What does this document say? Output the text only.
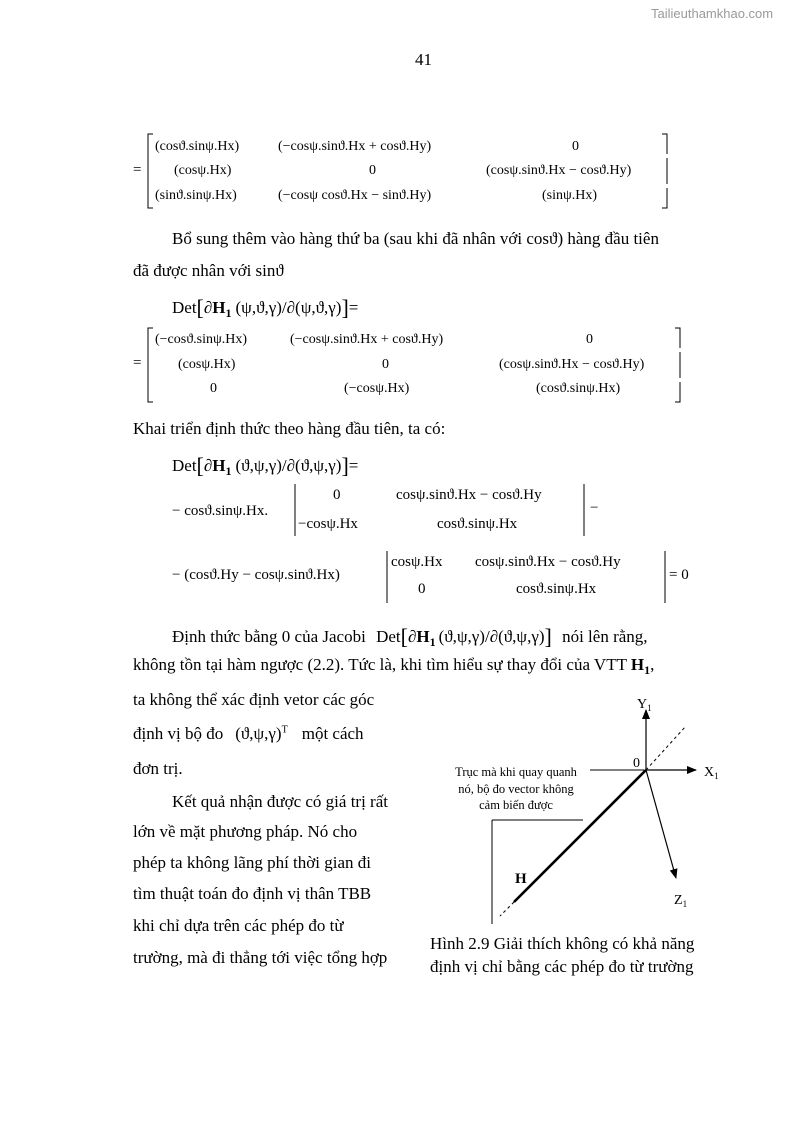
Tailieuthamkhao.com
41
=
(cosϑ.sinψ.Hx)	(−cosψ.sinϑ.Hx + cosϑ.Hy)	0
(cosψ.Hx)	0	(cosψ.sinϑ.Hx − cosϑ.Hy)
(sinϑ.sinψ.Hx)	(−cosψ cosϑ.Hx − sinϑ.Hy)	(sinψ.Hx)
Bổ sung thêm vào hàng thứ ba (sau khi đã nhân với cosϑ) hàng đầu tiên
đã được nhân với sinϑ
$Det[\partial H_1$ (ψ,ϑ,γ)/∂(ψ,ϑ,γ)]=
=
(−cosϑ.sinψ.Hx)	(−cosψ.sinϑ.Hx + cosϑ.Hy)	0
(cosψ.Hx)	0	(cosψ.sinϑ.Hx − cosϑ.Hy)
0	(−cosψ.Hx)	(cosϑ.sinψ.Hx)
Khai triển định thức theo hàng đầu tiên, ta có:
$Det[\partial H_1$ (ϑ,ψ,γ)/∂(ϑ,ψ,γ)]=
− cosϑ.sinψ.Hx.
0	cosψ.sinϑ.Hx − cosϑ.Hy
−cosψ.Hx	cosϑ.sinψ.Hx
−
− (cosϑ.Hy − cosψ.sinϑ.Hx)
cosψ.Hx cosψ.sinϑ.Hx − cosϑ.Hy
0	cosϑ.sinψ.Hx
= 0
Định thức bằng 0 của Jacobi $Det[\partial H_1$ (ϑ,ψ,γ)/∂(ϑ,ψ,γ)] nói lên rằng,
không tồn tại hàm ngược (2.2). Tức là, khi tìm hiểu sự thay đổi của VTT $H_1$,
ta không thể xác định vetor các góc
định vị bộ đo $(ϑ,\psi,\gamma)^T$ một cách
đơn trị.
Kết quả nhận được có giá trị rất
lớn về mặt phương pháp. Nó cho
phép ta không lãng phí thời gian đi
tìm thuật toán đo định vị thân TBB
khi chỉ dựa trên các phép đo từ
trường, mà đi thẳng tới việc tổng hợp
$Y_1$
$X_1$
$Z_1$
0
H
Trục mà khi quay quanh
nó, bộ đo vector không
cảm biến được
Hình 2.9 Giải thích không có khả năng
định vị chỉ bằng các phép đo từ trường
